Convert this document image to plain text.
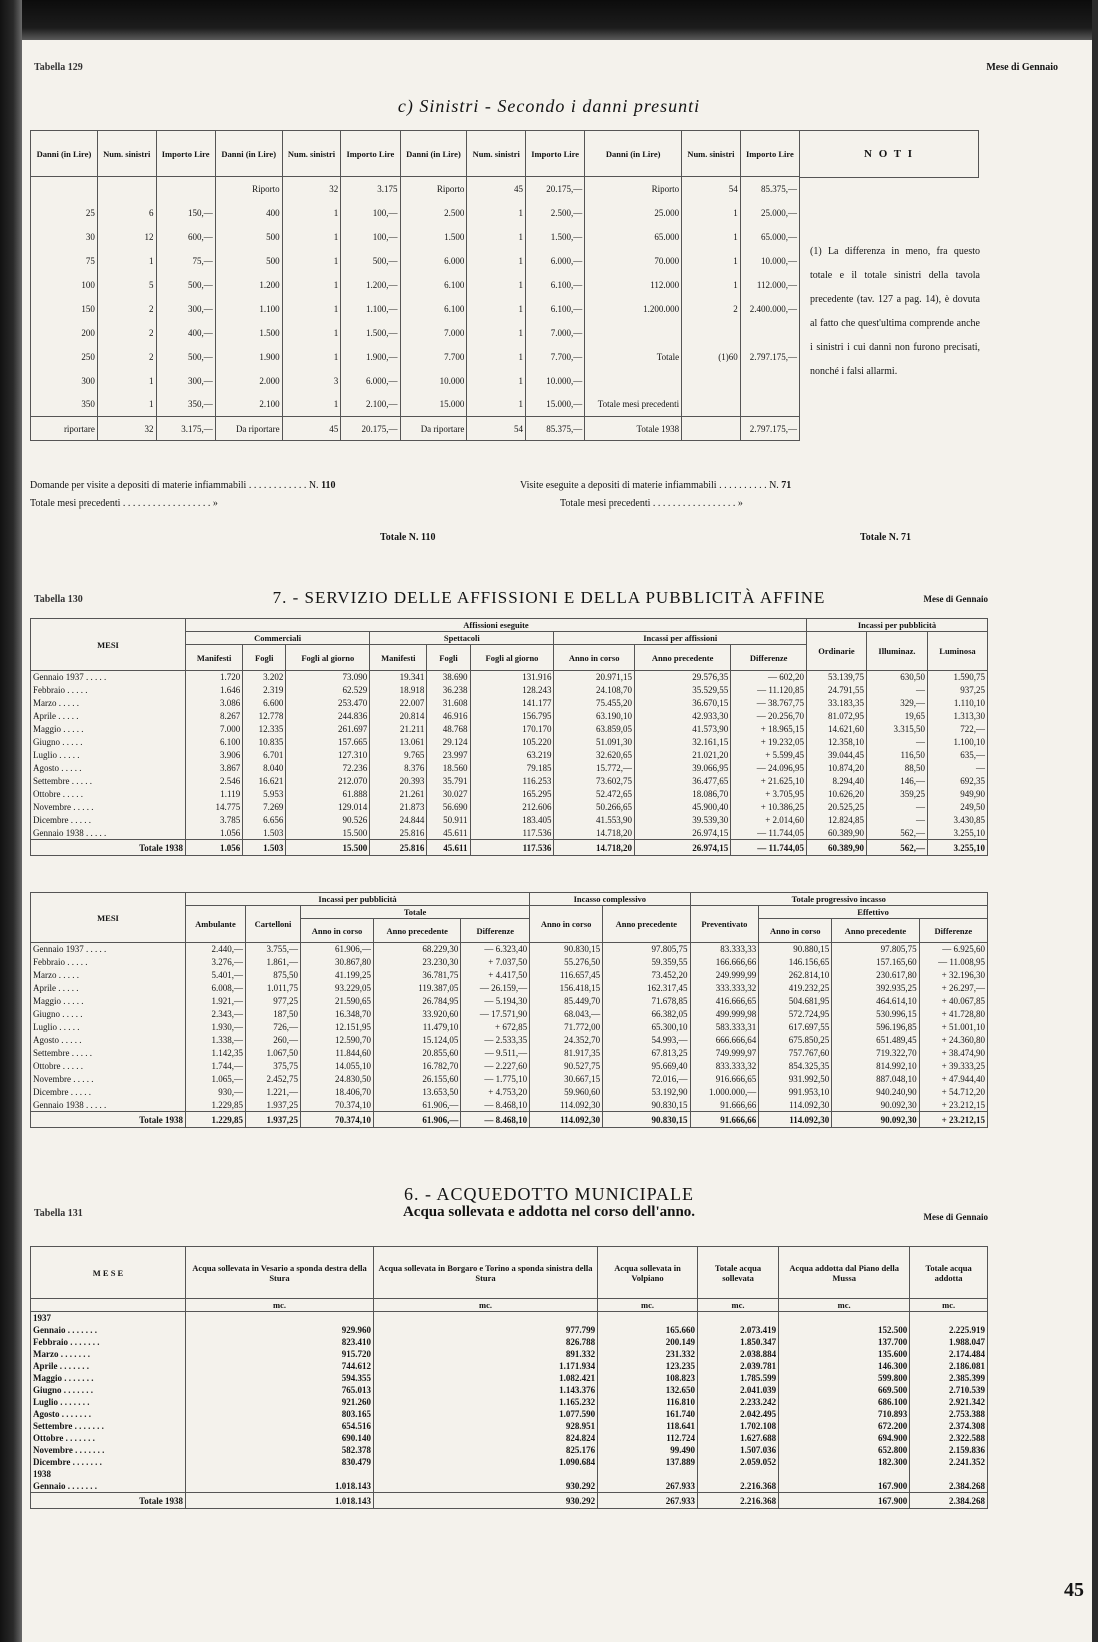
Tabella 129	Mese di Gennaio
c) Sinistri - Secondo i danni presunti
Danni (in Lire)	Num. sinistri	Importo Lire	Danni (in Lire)	Num. sinistri	Importo Lire	Danni (in Lire)	Num. sinistri	Importo Lire	Danni (in Lire)	Num. sinistri	Importo Lire
			Riporto	32	3.175	Riporto	45	20.175,—	Riporto	54	85.375,—
25	6	150,—	400	1	100,—	2.500	1	2.500,—	25.000	1	25.000,—
30	12	600,—	500	1	100,—	1.500	1	1.500,—	65.000	1	65.000,—
75	1	75,—	500	1	500,—	6.000	1	6.000,—	70.000	1	10.000,—
100	5	500,—	1.200	1	1.200,—	6.100	1	6.100,—	112.000	1	112.000,—
150	2	300,—	1.100	1	1.100,—	6.100	1	6.100,—	1.200.000	2	2.400.000,—
200	2	400,—	1.500	1	1.500,—	7.000	1	7.000,—			
250	2	500,—	1.900	1	1.900,—	7.700	1	7.700,—	Totale	(1)60	2.797.175,—
300	1	300,—	2.000	3	6.000,—	10.000	1	10.000,—			
350	1	350,—	2.100	1	2.100,—	15.000	1	15.000,—	Totale mesi precedenti		
riportare	32	3.175,—	Da riportare	45	20.175,—	Da riportare	54	85.375,—	Totale 1938		2.797.175,—
N O T I
(1) La differenza in meno, fra questo totale e il totale sinistri della tavola precedente (tav. 127 a pag. 14), è dovuta al fatto che quest'ultima comprende anche i sinistri i cui danni non furono precisati, nonché i falsi allarmi.
Domande per visite a depositi di materie infiammabili . . . . . . . . . . . . N. 110
Totale mesi precedenti . . . . . . . . . . . . . . . . . . »
Totale N. 110
Visite eseguite a depositi di materie infiammabili . . . . . . . . . . N. 71
Totale mesi precedenti . . . . . . . . . . . . . . . . . »
Totale N. 71
Tabella 130	7. - SERVIZIO DELLE AFFISSIONI E DELLA PUBBLICITÀ AFFINE	Mese di Gennaio
MESI	Affissioni eseguite									Incassi per pubblicità		
	Commerciali			Spettacoli			Incassi per affissioni			Ordinarie	Illuminaz.	Luminosa
	Manifesti	Fogli	Fogli al giorno	Manifesti	Fogli	Fogli al giorno	Anno in corso	Anno precedente	Differenze			
Gennaio 1937 . . . . .	1.720	3.202	73.090	19.341	38.690	131.916	20.971,15	29.576,35	— 602,20	53.139,75	630,50	1.590,75
Febbraio . . . . .	1.646	2.319	62.529	18.918	36.238	128.243	24.108,70	35.529,55	— 11.120,85	24.791,55	—	937,25
Marzo . . . . .	3.086	6.600	253.470	22.007	31.608	141.177	75.455,20	36.670,15	— 38.767,75	33.183,35	329,—	1.110,10
Aprile . . . . .	8.267	12.778	244.836	20.814	46.916	156.795	63.190,10	42.933,30	— 20.256,70	81.072,95	19,65	1.313,30
Maggio . . . . .	7.000	12.335	261.697	21.211	48.768	170.170	63.859,05	41.573,90	+ 18.965,15	14.621,60	3.315,50	722,—
Giugno . . . . .	6.100	10.835	157.665	13.061	29.124	105.220	51.091,30	32.161,15	+ 19.232,05	12.358,10	—	1.100,10
Luglio . . . . .	3.906	6.701	127.310	9.765	23.997	63.219	32.620,65	21.021,20	+ 5.599,45	39.044,45	116,50	635,—
Agosto . . . . .	3.867	8.040	72.236	8.376	18.560	79.185	15.772,—	39.066,95	— 24.096,95	10.874,20	88,50	—
Settembre . . . . .	2.546	16.621	212.070	20.393	35.791	116.253	73.602,75	36.477,65	+ 21.625,10	8.294,40	146,—	692,35
Ottobre . . . . .	1.119	5.953	61.888	21.261	30.027	165.295	52.472,65	18.086,70	+ 3.705,95	10.626,20	359,25	949,90
Novembre . . . . .	14.775	7.269	129.014	21.873	56.690	212.606	50.266,65	45.900,40	+ 10.386,25	20.525,25	—	249,50
Dicembre . . . . .	3.785	6.656	90.526	24.844	50.911	183.405	41.553,90	39.539,30	+ 2.014,60	12.824,85	—	3.430,85
Gennaio 1938 . . . . .	1.056	1.503	15.500	25.816	45.611	117.536	14.718,20	26.974,15	— 11.744,05	60.389,90	562,—	3.255,10
Totale 1938	1.056	1.503	15.500	25.816	45.611	117.536	14.718,20	26.974,15	— 11.744,05	60.389,90	562,—	3.255,10
MESI	Incassi per pubblicità					Incasso complessivo		Totale progressivo incasso			
	Ambulante	Cartelloni	Totale			Anno in corso	Anno precedente	Preventivato	Effettivo		
			Anno in corso	Anno precedente	Differenze				Anno in corso	Anno precedente	Differenze
Gennaio 1937 . . . . .	2.440,—	3.755,—	61.906,—	68.229,30	— 6.323,40	90.830,15	97.805,75	83.333,33	90.880,15	97.805,75	— 6.925,60
Febbraio . . . . .	3.276,—	1.861,—	30.867,80	23.230,30	+ 7.037,50	55.276,50	59.359,55	166.666,66	146.156,65	157.165,60	— 11.008,95
Marzo . . . . .	5.401,—	875,50	41.199,25	36.781,75	+ 4.417,50	116.657,45	73.452,20	249.999,99	262.814,10	230.617,80	+ 32.196,30
Aprile . . . . .	6.008,—	1.011,75	93.229,05	119.387,05	— 26.159,—	156.418,15	162.317,45	333.333,32	419.232,25	392.935,25	+ 26.297,—
Maggio . . . . .	1.921,—	977,25	21.590,65	26.784,95	— 5.194,30	85.449,70	71.678,85	416.666,65	504.681,95	464.614,10	+ 40.067,85
Giugno . . . . .	2.343,—	187,50	16.348,70	33.920,60	— 17.571,90	68.043,—	66.382,05	499.999,98	572.724,95	530.996,15	+ 41.728,80
Luglio . . . . .	1.930,—	726,—	12.151,95	11.479,10	+ 672,85	71.772,00	65.300,10	583.333,31	617.697,55	596.196,85	+ 51.001,10
Agosto . . . . .	1.338,—	260,—	12.590,70	15.124,05	— 2.533,35	24.352,70	54.993,—	666.666,64	675.850,25	651.489,45	+ 24.360,80
Settembre . . . . .	1.142,35	1.067,50	11.844,60	20.855,60	— 9.511,—	81.917,35	67.813,25	749.999,97	757.767,60	719.322,70	+ 38.474,90
Ottobre . . . . .	1.744,—	375,75	14.055,10	16.782,70	— 2.227,60	90.527,75	95.669,40	833.333,32	854.325,35	814.992,10	+ 39.333,25
Novembre . . . . .	1.065,—	2.452,75	24.830,50	26.155,60	— 1.775,10	30.667,15	72.016,—	916.666,65	931.992,50	887.048,10	+ 47.944,40
Dicembre . . . . .	930,—	1.221,—	18.406,70	13.653,50	+ 4.753,20	59.960,60	53.192,90	1.000.000,—	991.953,10	940.240,90	+ 54.712,20
Gennaio 1938 . . . . .	1.229,85	1.937,25	70.374,10	61.906,—	— 8.468,10	114.092,30	90.830,15	91.666,66	114.092,30	90.092,30	+ 23.212,15
Totale 1938	1.229,85	1.937,25	70.374,10	61.906,—	— 8.468,10	114.092,30	90.830,15	91.666,66	114.092,30	90.092,30	+ 23.212,15
Tabella 131
6. - ACQUEDOTTO MUNICIPALE
Acqua sollevata e addotta nel corso dell'anno.	Mese di Gennaio
M E S E	Acqua sollevata in Vesario a sponda destra della Stura	Acqua sollevata in Borgaro e Torino a sponda sinistra della Stura	Acqua sollevata in Volpiano	Totale acqua sollevata	Acqua addotta dal Piano della Mussa	Totale acqua addotta
	mc.	mc.	mc.	mc.	mc.	mc.
1937						
Gennaio . . . . . . .	929.960	977.799	165.660	2.073.419	152.500	2.225.919
Febbraio . . . . . . .	823.410	826.788	200.149	1.850.347	137.700	1.988.047
Marzo . . . . . . .	915.720	891.332	231.332	2.038.884	135.600	2.174.484
Aprile . . . . . . .	744.612	1.171.934	123.235	2.039.781	146.300	2.186.081
Maggio . . . . . . .	594.355	1.082.421	108.823	1.785.599	599.800	2.385.399
Giugno . . . . . . .	765.013	1.143.376	132.650	2.041.039	669.500	2.710.539
Luglio . . . . . . .	921.260	1.165.232	116.810	2.233.242	686.100	2.921.342
Agosto . . . . . . .	803.165	1.077.590	161.740	2.042.495	710.893	2.753.388
Settembre . . . . . . .	654.516	928.951	118.641	1.702.108	672.200	2.374.308
Ottobre . . . . . . .	690.140	824.824	112.724	1.627.688	694.900	2.322.588
Novembre . . . . . . .	582.378	825.176	99.490	1.507.036	652.800	2.159.836
Dicembre . . . . . . .	830.479	1.090.684	137.889	2.059.052	182.300	2.241.352
1938						
Gennaio . . . . . . .	1.018.143	930.292	267.933	2.216.368	167.900	2.384.268
Totale 1938	1.018.143	930.292	267.933	2.216.368	167.900	2.384.268
45
